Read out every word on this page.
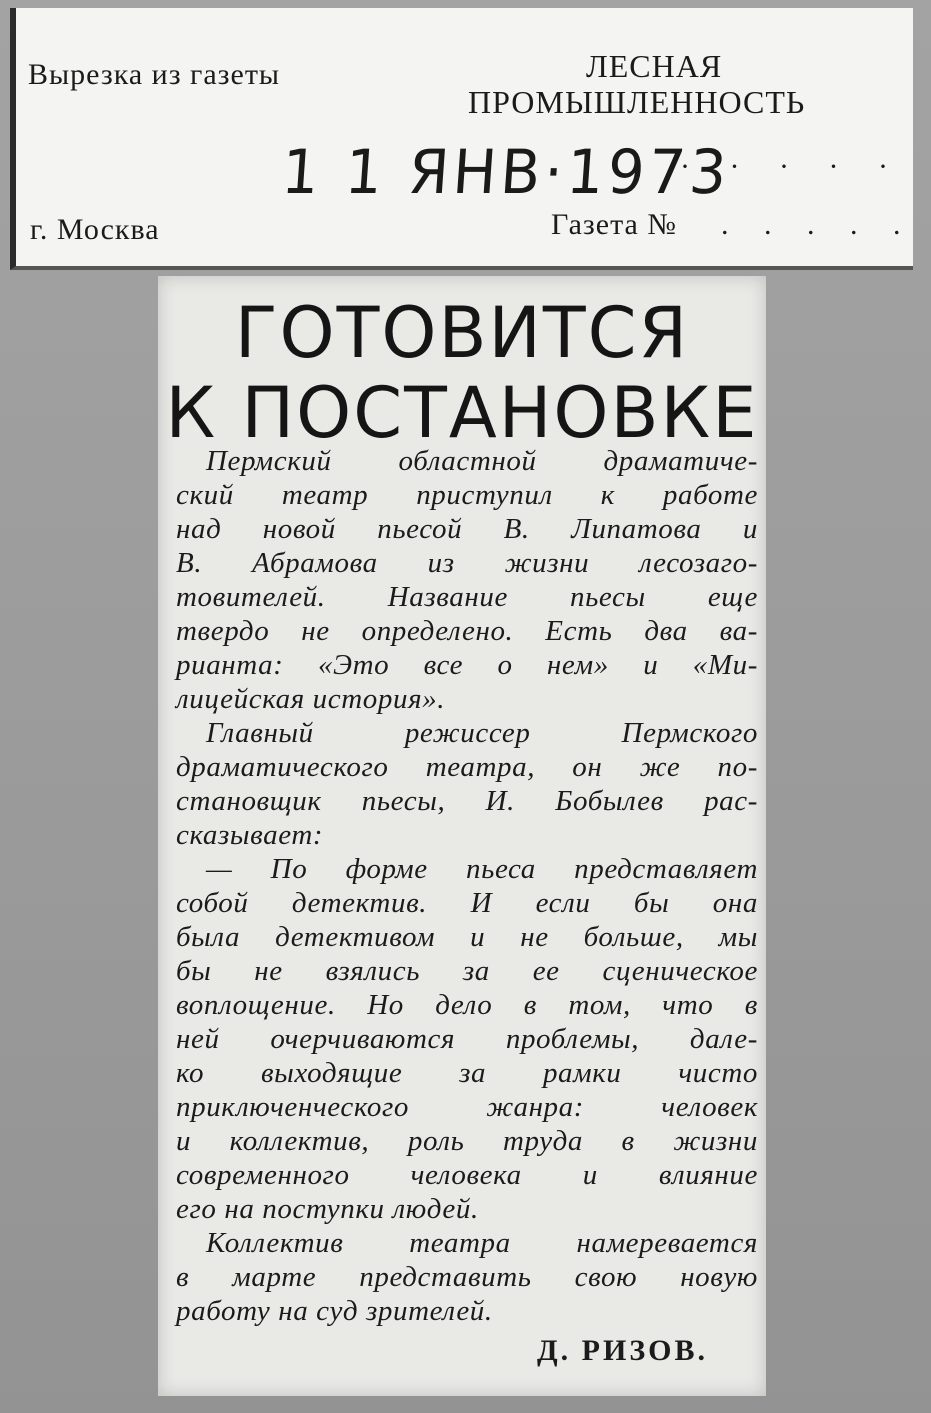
Вырезка из газеты	ЛЕСНАЯ
ПРОМЫШЛЕННОСТЬ
г. Москва	Газета № . . . . .
1 1 ЯНВ·1973
· · · · ·
ГОТОВИТСЯ
К ПОСТАНОВКЕ
Пермский областной драматиче-
ский театр приступил к работе
над новой пьесой В. Липатова и
В. Абрамова из жизни лесозаго-
товителей. Название пьесы еще
твердо не определено. Есть два ва-
рианта: «Это все о нем» и «Ми-
лицейская история».
Главный режиссер Пермского
драматического театра, он же по-
становщик пьесы, И. Бобылев рас-
сказывает:
— По форме пьеса представляет
собой детектив. И если бы она
была детективом и не больше, мы
бы не взялись за ее сценическое
воплощение. Но дело в том, что в
ней очерчиваются проблемы, дале-
ко выходящие за рамки чисто
приключенческого жанра: человек
и коллектив, роль труда в жизни
современного человека и влияние
его на поступки людей.
Коллектив театра намеревается
в марте представить свою новую
работу на суд зрителей.
Д. РИЗОВ.
